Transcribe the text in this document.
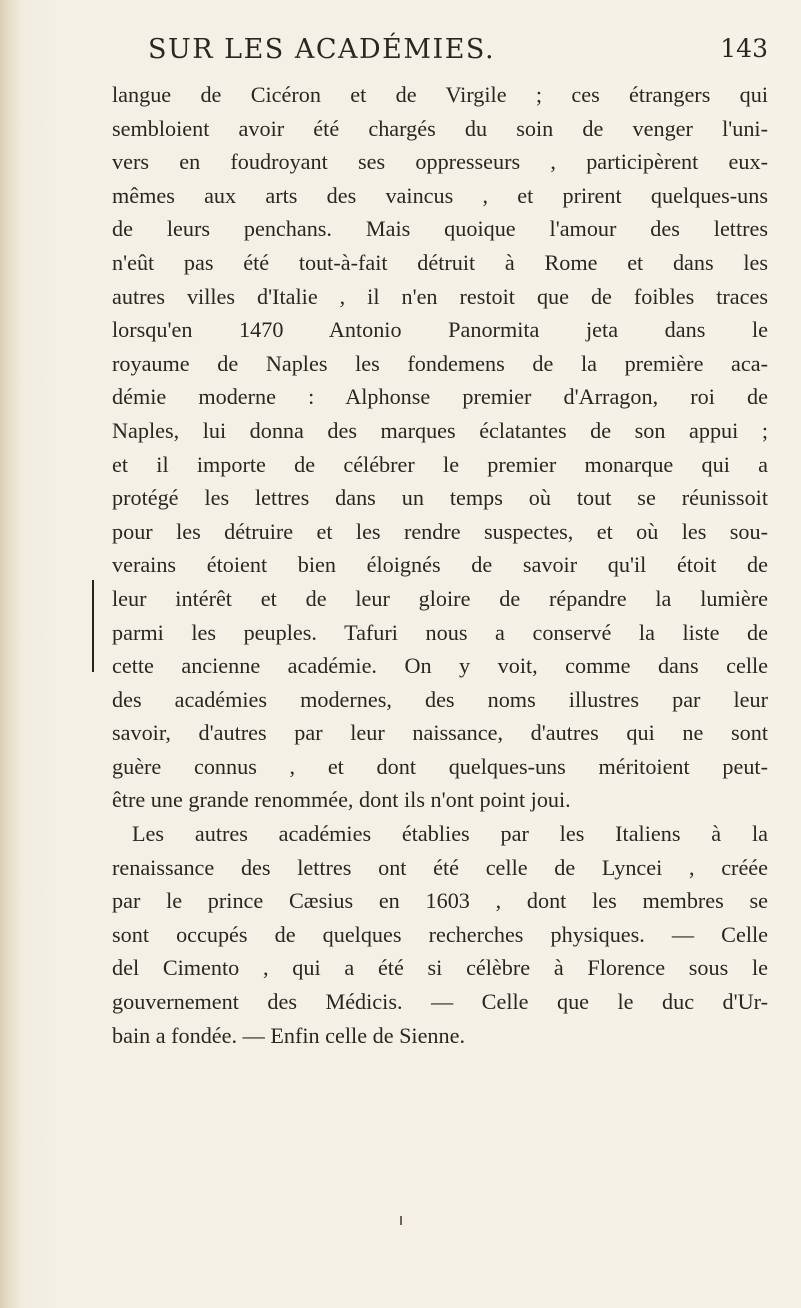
SUR LES ACADÉMIES.	143
langue de Cicéron et de Virgile ; ces étrangers qui
sembloient avoir été chargés du soin de venger l'uni-
vers en foudroyant ses oppresseurs , participèrent eux-
mêmes aux arts des vaincus , et prirent quelques-uns
de leurs penchans. Mais quoique l'amour des lettres
n'eût pas été tout-à-fait détruit à Rome et dans les
autres villes d'Italie , il n'en restoit que de foibles traces
lorsqu'en 1470 Antonio Panormita jeta dans le
royaume de Naples les fondemens de la première aca-
démie moderne : Alphonse premier d'Arragon, roi de
Naples, lui donna des marques éclatantes de son appui ;
et il importe de célébrer le premier monarque qui a
protégé les lettres dans un temps où tout se réunissoit
pour les détruire et les rendre suspectes, et où les sou-
verains étoient bien éloignés de savoir qu'il étoit de
leur intérêt et de leur gloire de répandre la lumière
parmi les peuples. Tafuri nous a conservé la liste de
cette ancienne académie. On y voit, comme dans celle
des académies modernes, des noms illustres par leur
savoir, d'autres par leur naissance, d'autres qui ne sont
guère connus , et dont quelques-uns méritoient peut-
être une grande renommée, dont ils n'ont point joui.
Les autres académies établies par les Italiens à la
renaissance des lettres ont été celle de Lyncei , créée
par le prince Cæsius en 1603 , dont les membres se
sont occupés de quelques recherches physiques. — Celle
del Cimento , qui a été si célèbre à Florence sous le
gouvernement des Médicis. — Celle que le duc d'Ur-
bain a fondée. — Enfin celle de Sienne.
